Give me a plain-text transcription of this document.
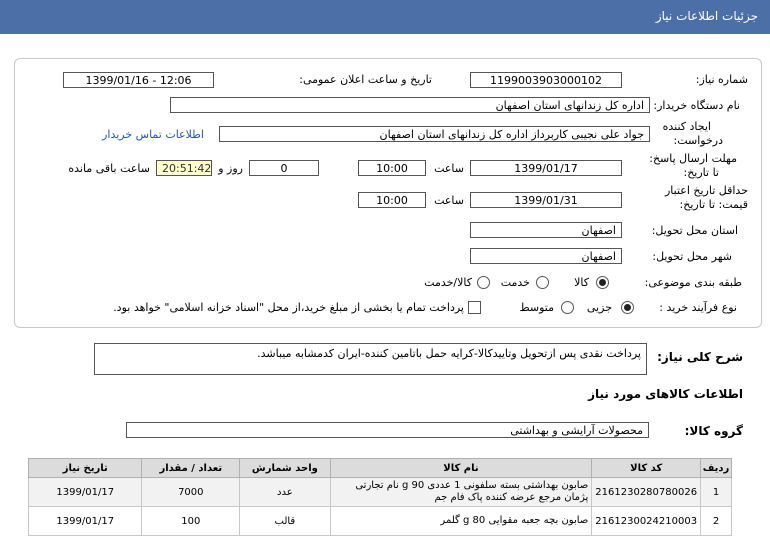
جزئیات اطلاعات نیاز
شماره نیاز:
1199003903000102
تاریخ و ساعت اعلان عمومی:
1399/01/16 - 12:06
نام دستگاه خریدار:
اداره کل زندانهای استان اصفهان
ایجاد کننده
درخواست:
جواد علی نجیبی کاربرداز اداره کل زندانهای استان اصفهان
اطلاعات تماس خریدار
مهلت ارسال پاسخ:
تا تاریخ:
1399/01/17
ساعت
10:00
0
روز و
20:51:42
ساعت باقی مانده
حداقل تاریخ اعتبار
قیمت: تا تاریخ:
1399/01/31
ساعت
10:00
استان محل تحویل:
اصفهان
شهر محل تحویل:
اصفهان
طبقه بندی موضوعی:
کالا
خدمت
کالا/خدمت
نوع فرآیند خرید :
جزیی
متوسط
پرداخت تمام یا بخشی از مبلغ خرید،از محل "اسناد خزانه اسلامی" خواهد بود.
شرح کلی نیاز:
پرداخت نقدی پس ازتحویل وتاییدکالا-کرایه حمل باتامین کننده-ایران کدمشابه میباشد.
اطلاعات کالاهای مورد نیاز
گروه کالا:
محصولات آرایشی و بهداشتی
ردیف	کد کالا	نام کالا	واحد شمارش	تعداد / مقدار	تاریخ نیاز
1	2161230280780026	صابون بهداشتی بسته سلفونی 1 عددی 90 g نام تجارتی پژمان مرجع عرضه کننده پاک فام جم	عدد	7000	1399/01/17
2	2161230024210003	صابون بچه جعبه مقوایی 80 g گلمر	قالب	100	1399/01/17
